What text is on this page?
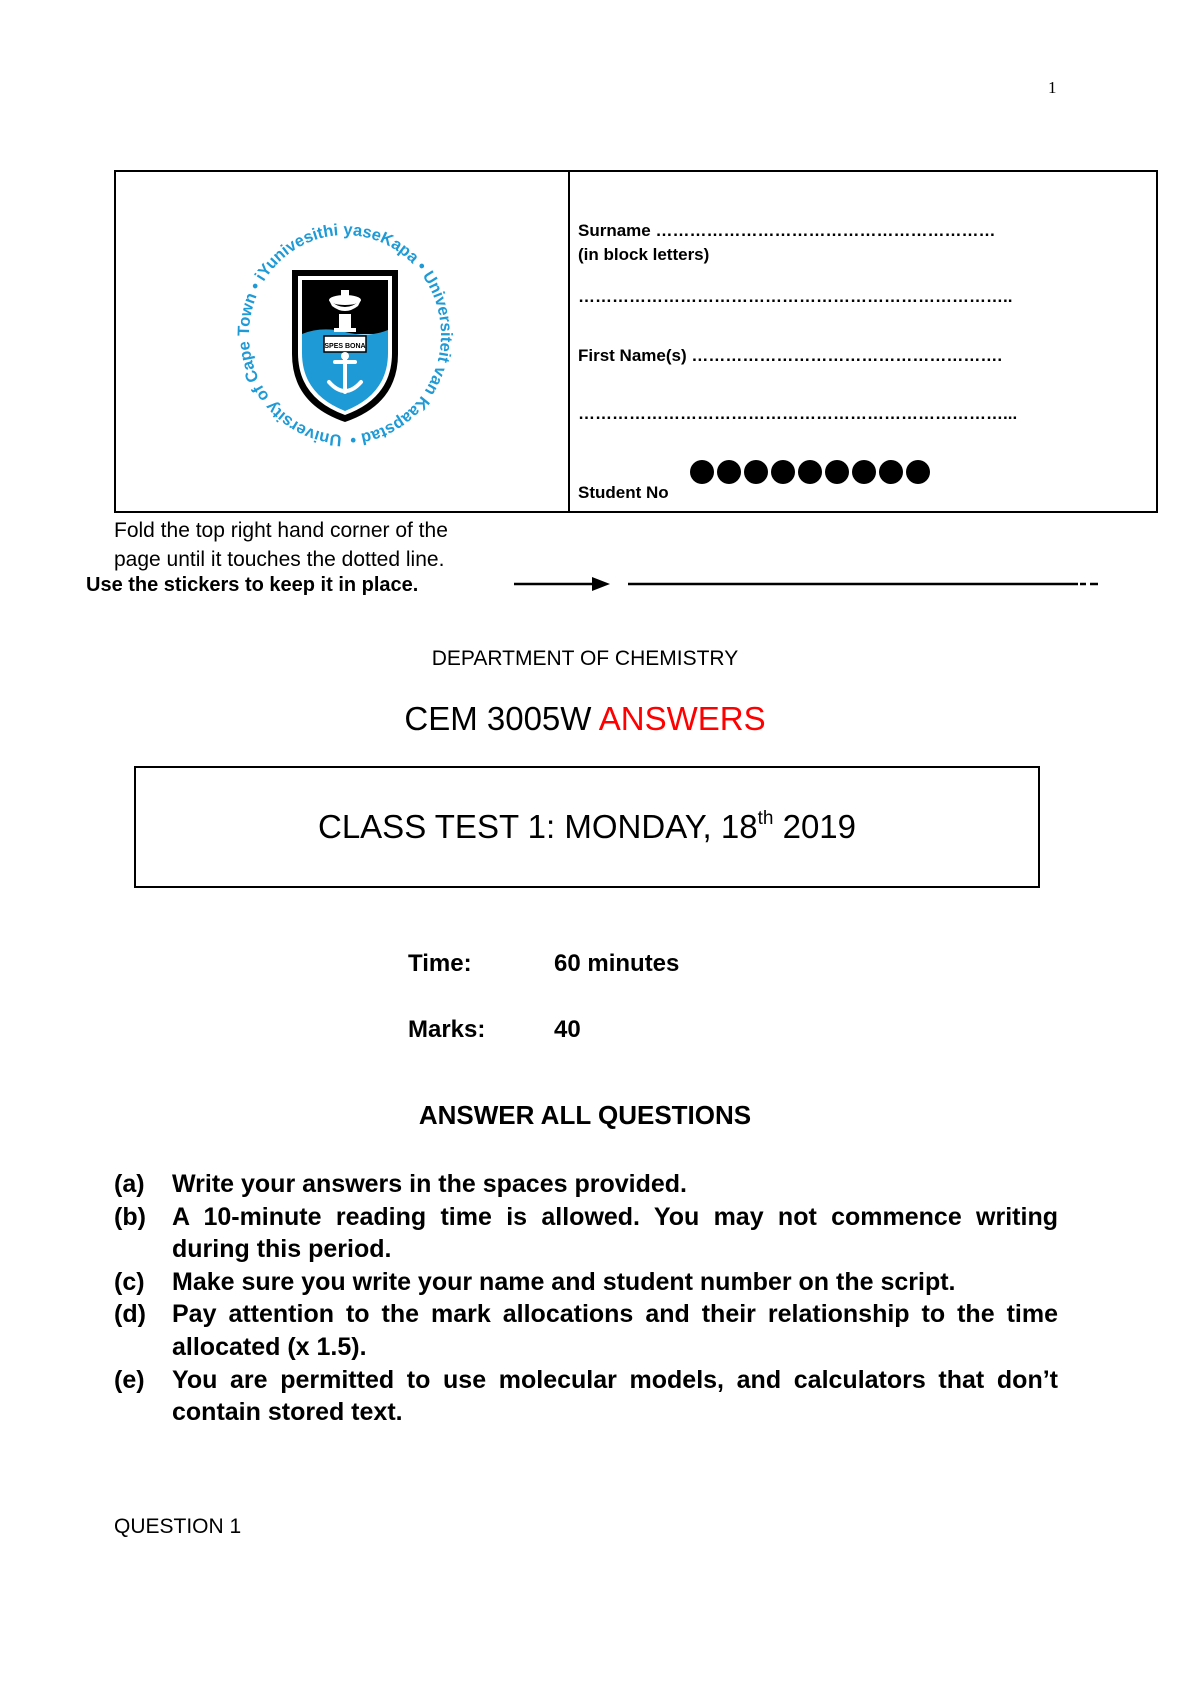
1
University of Cape Town • iYunivesithi yaseKapa • Universiteit van Kaapstad •
SPES BONA
Surname ……………………………………………………
(in block letters)
…………………………………………………………………..
First Name(s) ……………………………………………….
…………………………………………………………………...
Student No
Fold the top right hand corner of the
page until it touches the dotted line.
Use the stickers to keep it in place.
DEPARTMENT OF CHEMISTRY
CEM 3005W ANSWERS
CLASS TEST 1: MONDAY, 18th 2019
Time:	60 minutes
Marks:	40
ANSWER ALL QUESTIONS
(a)	Write your answers in the spaces provided.
(b)	A 10-minute reading time is allowed. You may not commence writing during this period.
(c)	Make sure you write your name and student number on the script.
(d)	Pay attention to the mark allocations and their relationship to the time allocated (x 1.5).
(e)	You are permitted to use molecular models, and calculators that don’t contain stored text.
QUESTION 1
